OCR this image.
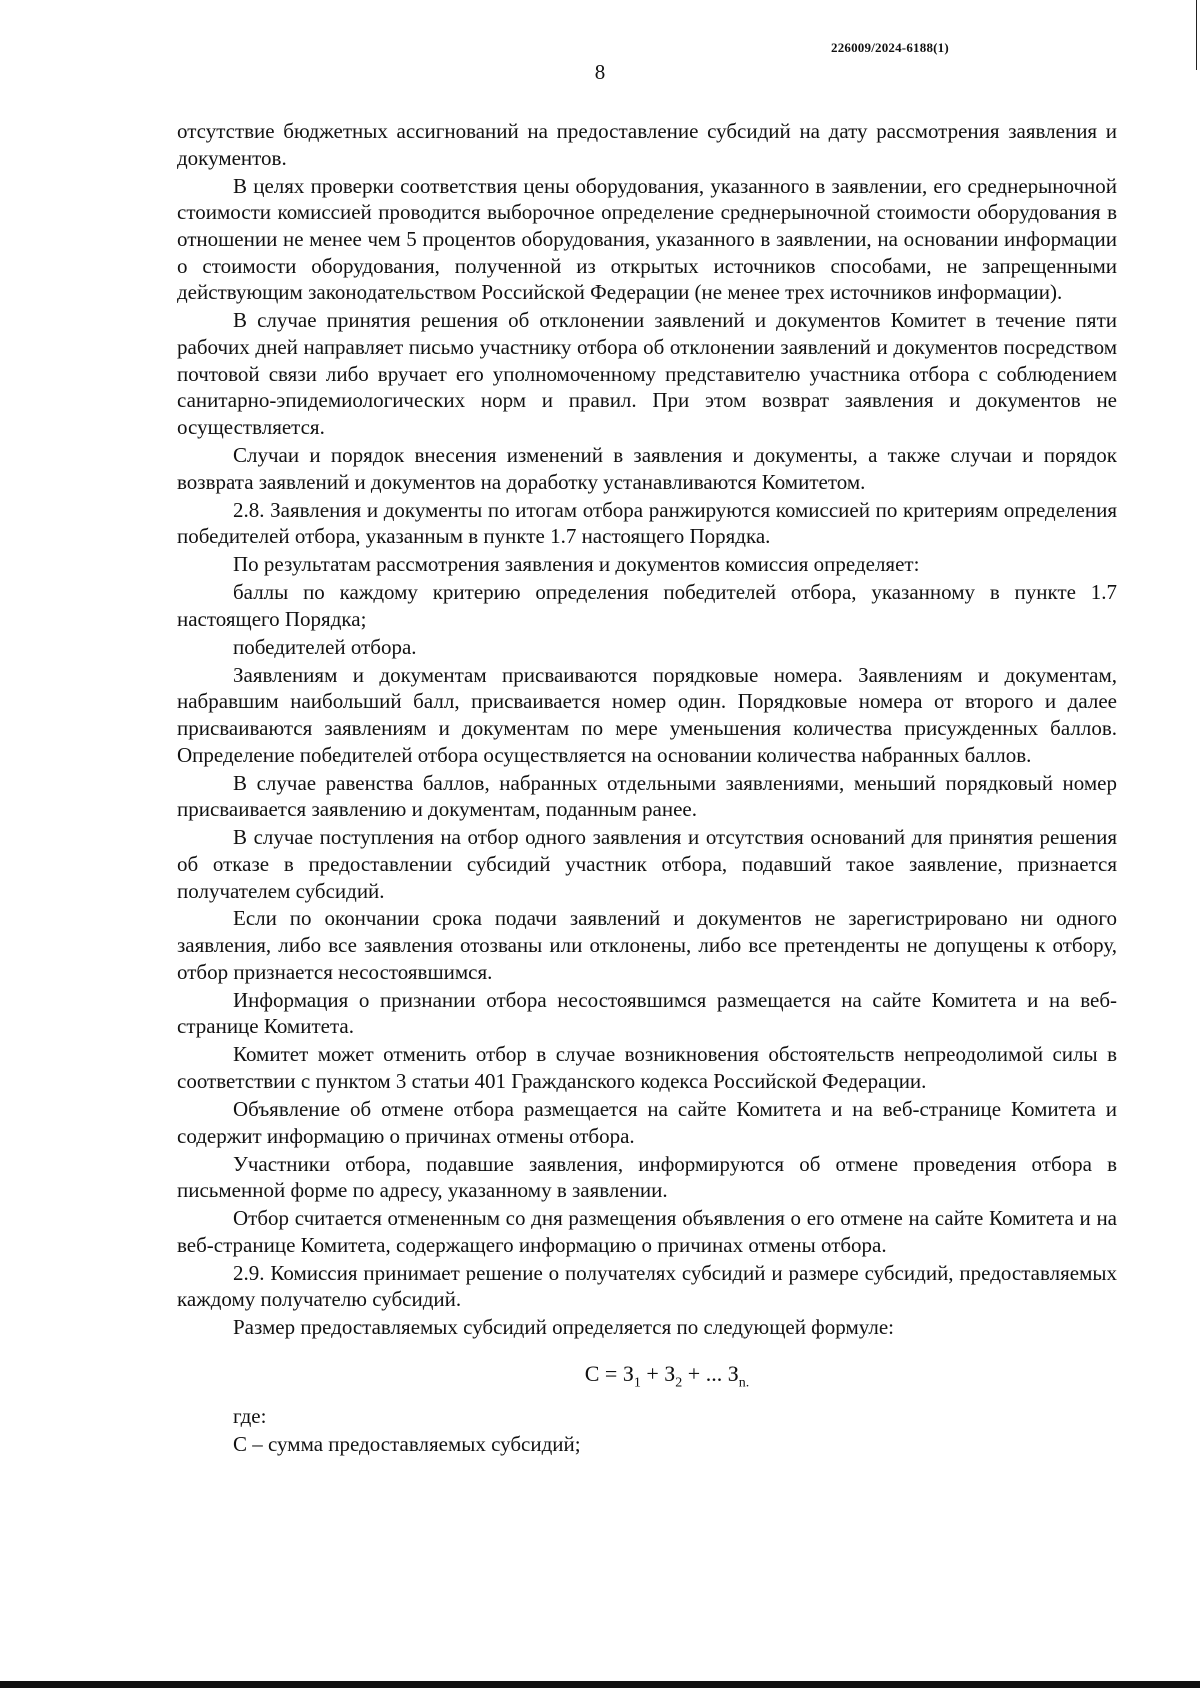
226009/2024-6188(1)
8

отсутствие бюджетных ассигнований на предоставление субсидий на дату рассмотрения заявления и документов.

В целях проверки соответствия цены оборудования, указанного в заявлении, его среднерыночной стоимости комиссией проводится выборочное определение среднерыночной стоимости оборудования в отношении не менее чем 5 процентов оборудования, указанного в заявлении, на основании информации о стоимости оборудования, полученной из открытых источников способами, не запрещенными действующим законодательством Российской Федерации (не менее трех источников информации).

В случае принятия решения об отклонении заявлений и документов Комитет в течение пяти рабочих дней направляет письмо участнику отбора об отклонении заявлений и документов посредством почтовой связи либо вручает его уполномоченному представителю участника отбора с соблюдением санитарно-эпидемиологических норм и правил. При этом возврат заявления и документов не осуществляется.

Случаи и порядок внесения изменений в заявления и документы, а также случаи и порядок возврата заявлений и документов на доработку устанавливаются Комитетом.

2.8. Заявления и документы по итогам отбора ранжируются комиссией по критериям определения победителей отбора, указанным в пункте 1.7 настоящего Порядка.

По результатам рассмотрения заявления и документов комиссия определяет:

баллы по каждому критерию определения победителей отбора, указанному в пункте 1.7 настоящего Порядка;

победителей отбора.

Заявлениям и документам присваиваются порядковые номера. Заявлениям и документам, набравшим наибольший балл, присваивается номер один. Порядковые номера от второго и далее присваиваются заявлениям и документам по мере уменьшения количества присужденных баллов. Определение победителей отбора осуществляется на основании количества набранных баллов.

В случае равенства баллов, набранных отдельными заявлениями, меньший порядковый номер присваивается заявлению и документам, поданным ранее.

В случае поступления на отбор одного заявления и отсутствия оснований для принятия решения об отказе в предоставлении субсидий участник отбора, подавший такое заявление, признается получателем субсидий.

Если по окончании срока подачи заявлений и документов не зарегистрировано ни одного заявления, либо все заявления отозваны или отклонены, либо все претенденты не допущены к отбору, отбор признается несостоявшимся.

Информация о признании отбора несостоявшимся размещается на сайте Комитета и на веб-странице Комитета.

Комитет может отменить отбор в случае возникновения обстоятельств непреодолимой силы в соответствии с пунктом 3 статьи 401 Гражданского кодекса Российской Федерации.

Объявление об отмене отбора размещается на сайте Комитета и на веб-странице Комитета и содержит информацию о причинах отмены отбора.

Участники отбора, подавшие заявления, информируются об отмене проведения отбора в письменной форме по адресу, указанному в заявлении.

Отбор считается отмененным со дня размещения объявления о его отмене на сайте Комитета и на веб-странице Комитета, содержащего информацию о причинах отмены отбора.

2.9. Комиссия принимает решение о получателях субсидий и размере субсидий, предоставляемых каждому получателю субсидий.

Размер предоставляемых субсидий определяется по следующей формуле:

$С = З_1 + З_2$ + ... $З_{n.}$

где:

С – сумма предоставляемых субсидий;
